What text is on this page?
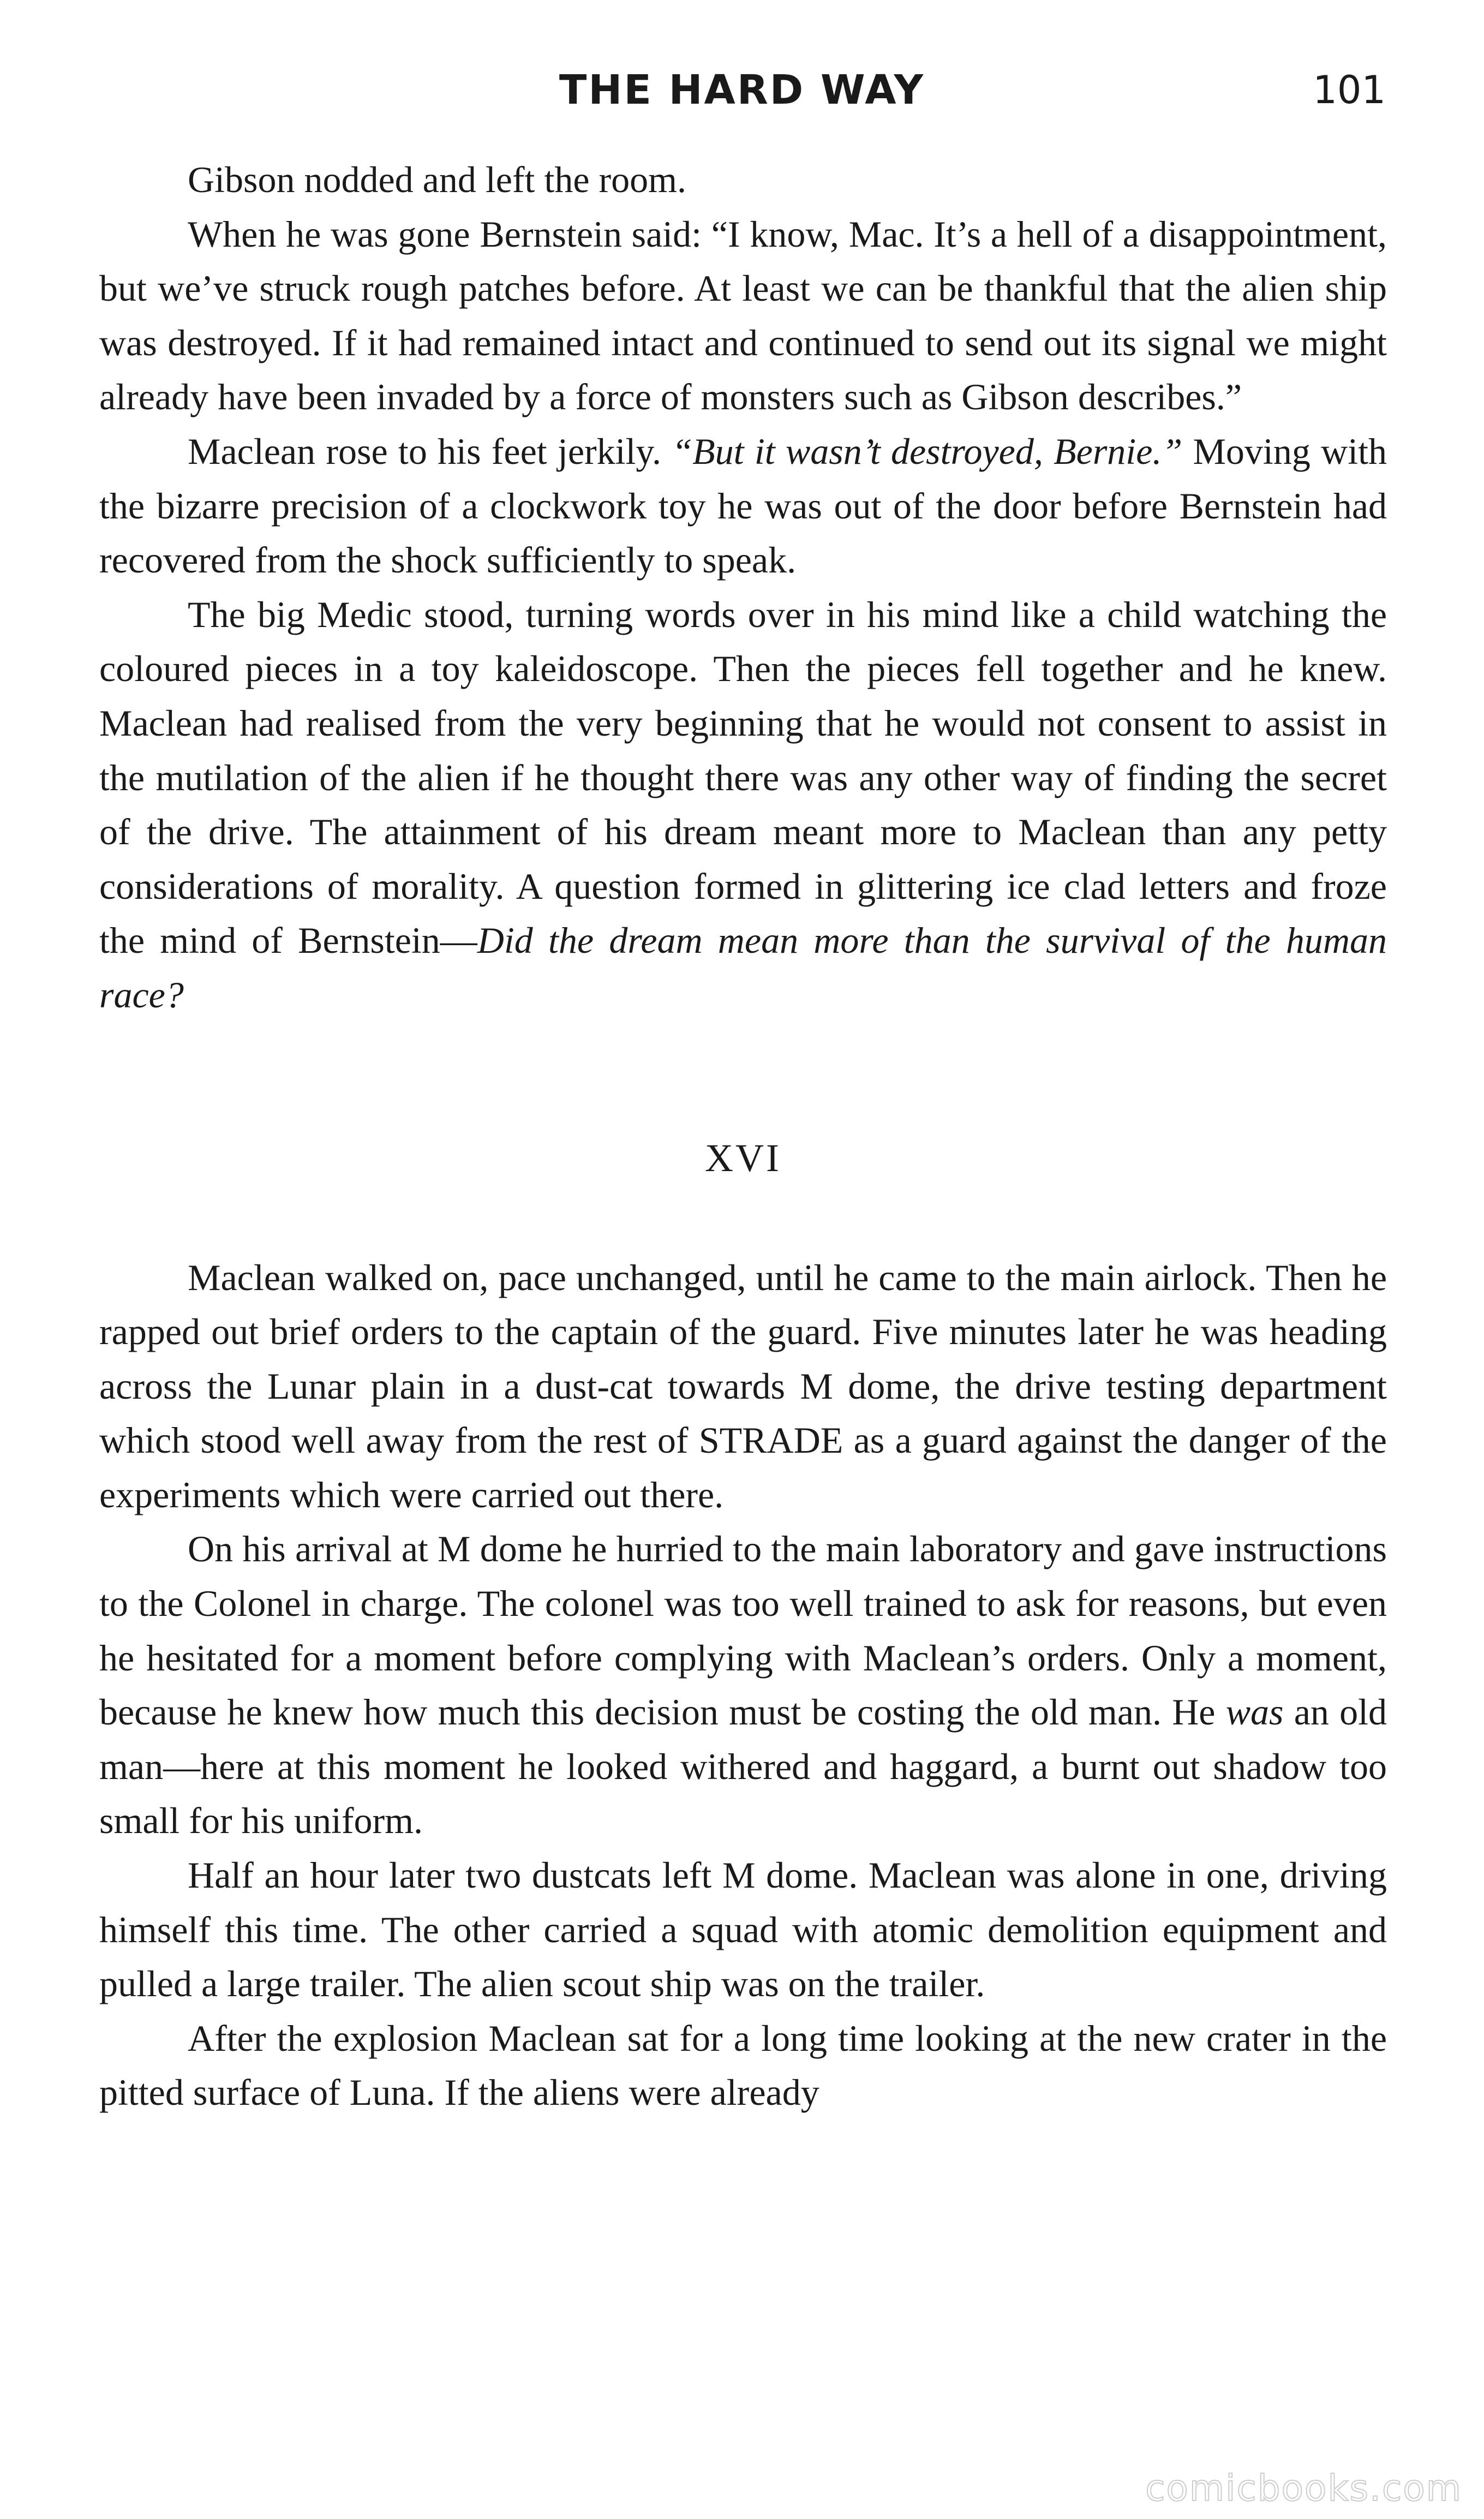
THE HARD WAY	101

Gibson nodded and left the room.

When he was gone Bernstein said: “I know, Mac. It’s a hell of a disappointment, but we’ve struck rough patches before. At least we can be thankful that the alien ship was destroyed. If it had remained intact and continued to send out its signal we might already have been invaded by a force of monsters such as Gibson describes.”

Maclean rose to his feet jerkily. “But it wasn’t destroyed, Bernie.” Moving with the bizarre precision of a clockwork toy he was out of the door before Bernstein had recovered from the shock sufficiently to speak.

The big Medic stood, turning words over in his mind like a child watching the coloured pieces in a toy kaleidoscope. Then the pieces fell together and he knew. Maclean had realised from the very beginning that he would not consent to assist in the mutilation of the alien if he thought there was any other way of finding the secret of the drive. The attainment of his dream meant more to Maclean than any petty considerations of morality. A question formed in glittering ice clad letters and froze the mind of Bernstein—Did the dream mean more than the survival of the human race?

XVI

Maclean walked on, pace unchanged, until he came to the main airlock. Then he rapped out brief orders to the captain of the guard. Five minutes later he was heading across the Lunar plain in a dust-cat towards M dome, the drive testing department which stood well away from the rest of STRADE as a guard against the danger of the experiments which were carried out there.

On his arrival at M dome he hurried to the main laboratory and gave instructions to the Colonel in charge. The colonel was too well trained to ask for reasons, but even he hesitated for a moment before complying with Maclean’s orders. Only a moment, because he knew how much this decision must be costing the old man. He was an old man—here at this moment he looked withered and haggard, a burnt out shadow too small for his uniform.

Half an hour later two dustcats left M dome. Maclean was alone in one, driving himself this time. The other carried a squad with atomic demolition equipment and pulled a large trailer. The alien scout ship was on the trailer.

After the explosion Maclean sat for a long time looking at the new crater in the pitted surface of Luna. If the aliens were already

comicbooks.com
